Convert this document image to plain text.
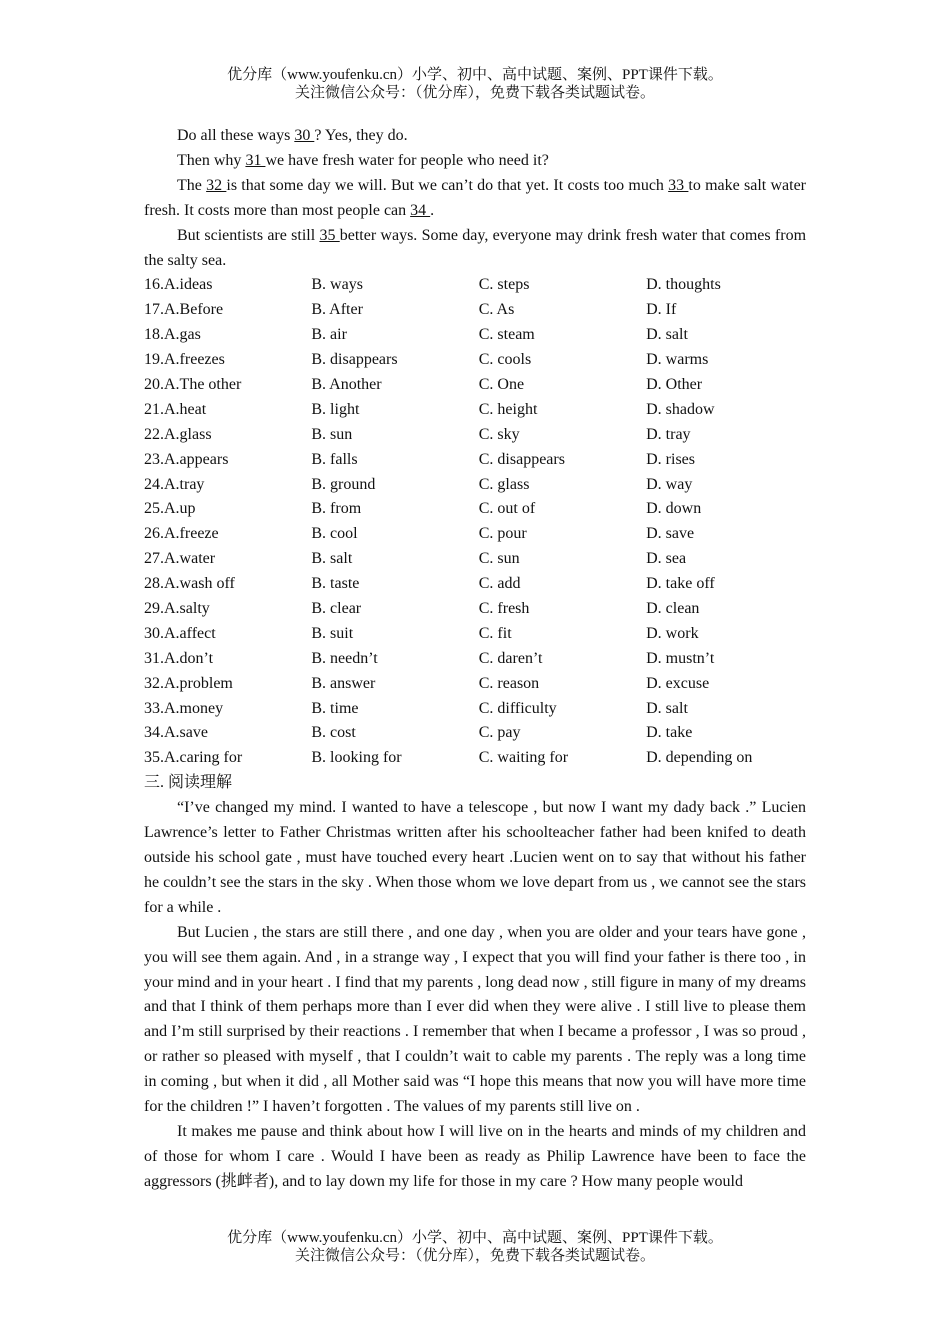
优分库（www.youfenku.cn）小学、初中、高中试题、案例、PPT课件下载。
关注微信公众号：（优分库），免费下载各类试题试卷。

Do all these ways 30 ? Yes, they do.

Then why 31 we have fresh water for people who need it?

The 32 is that some day we will. But we can’t do that yet. It costs too much 33 to make salt water fresh. It costs more than most people can 34 .

But scientists are still 35 better ways. Some day, everyone may drink fresh water that comes from the salty sea.

16.A.ideas	B. ways	C. steps	D. thoughts
17.A.Before	B. After	C. As	D. If
18.A.gas	B. air	C. steam	D. salt
19.A.freezes	B. disappears	C. cools	D. warms
20.A.The other	B. Another	C. One	D. Other
21.A.heat	B. light	C. height	D. shadow
22.A.glass	B. sun	C. sky	D. tray
23.A.appears	B. falls	C. disappears	D. rises
24.A.tray	B. ground	C. glass	D. way
25.A.up	B. from	C. out of	D. down
26.A.freeze	B. cool	C. pour	D. save
27.A.water	B. salt	C. sun	D. sea
28.A.wash off	B. taste	C. add	D. take off
29.A.salty	B. clear	C. fresh	D. clean
30.A.affect	B. suit	C. fit	D. work
31.A.don’t	B. needn’t	C. daren’t	D. mustn’t
32.A.problem	B. answer	C. reason	D. excuse
33.A.money	B. time	C. difficulty	D. salt
34.A.save	B. cost	C. pay	D. take
35.A.caring for	B. looking for	C. waiting for	D. depending on
三. 阅读理解

“I’ve changed my mind. I wanted to have a telescope , but now I want my dady back .” Lucien Lawrence’s letter to Father Christmas written after his schoolteacher father had been knifed to death outside his school gate , must have touched every heart .Lucien went on to say that without his father he couldn’t see the stars in the sky . When those whom we love depart from us , we cannot see the stars for a while .

But Lucien , the stars are still there , and one day , when you are older and your tears have gone , you will see them again. And , in a strange way , I expect that you will find your father is there too , in your mind and in your heart . I find that my parents , long dead now , still figure in many of my dreams and that I think of them perhaps more than I ever did when they were alive . I still live to please them and I’m still surprised by their reactions . I remember that when I became a professor , I was so proud , or rather so pleased with myself , that I couldn’t wait to cable my parents . The reply was a long time in coming , but when it did , all Mother said was “I hope this means that now you will have more time for the children !” I haven’t forgotten . The values of my parents still live on .

It makes me pause and think about how I will live on in the hearts and minds of my children and of those for whom I care . Would I have been as ready as Philip Lawrence have been to face the aggressors (挑衅者), and to lay down my life for those in my care ? How many people would

优分库（www.youfenku.cn）小学、初中、高中试题、案例、PPT课件下载。
关注微信公众号：（优分库），免费下载各类试题试卷。
